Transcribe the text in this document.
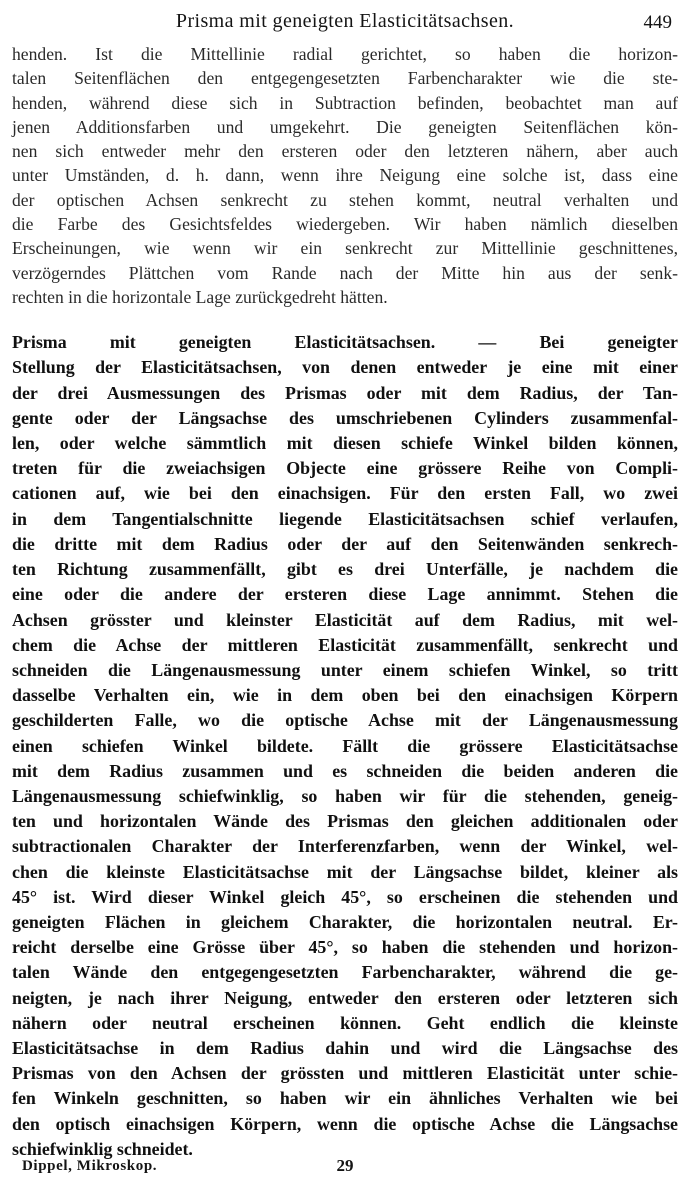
Prisma mit geneigten Elasticitätsachsen.	449

henden. Ist die Mittellinie radial gerichtet, so haben die horizon-
talen Seitenflächen den entgegengesetzten Farbencharakter wie die ste-
henden, während diese sich in Subtraction befinden, beobachtet man auf
jenen Additionsfarben und umgekehrt. Die geneigten Seitenflächen kön-
nen sich entweder mehr den ersteren oder den letzteren nähern, aber auch
unter Umständen, d. h. dann, wenn ihre Neigung eine solche ist, dass eine
der optischen Achsen senkrecht zu stehen kommt, neutral verhalten und
die Farbe des Gesichtsfeldes wiedergeben. Wir haben nämlich dieselben
Erscheinungen, wie wenn wir ein senkrecht zur Mittellinie geschnittenes,
verzögerndes Plättchen vom Rande nach der Mitte hin aus der senk-
rechten in die horizontale Lage zurückgedreht hätten.

Prisma mit geneigten Elasticitätsachsen. — Bei geneigter
Stellung der Elasticitätsachsen, von denen entweder je eine mit einer
der drei Ausmessungen des Prismas oder mit dem Radius, der Tan-
gente oder der Längsachse des umschriebenen Cylinders zusammenfal-
len, oder welche sämmtlich mit diesen schiefe Winkel bilden können,
treten für die zweiachsigen Objecte eine grössere Reihe von Compli-
cationen auf, wie bei den einachsigen. Für den ersten Fall, wo zwei
in dem Tangentialschnitte liegende Elasticitätsachsen schief verlaufen,
die dritte mit dem Radius oder der auf den Seitenwänden senkrech-
ten Richtung zusammenfällt, gibt es drei Unterfälle, je nachdem die
eine oder die andere der ersteren diese Lage annimmt. Stehen die
Achsen grösster und kleinster Elasticität auf dem Radius, mit wel-
chem die Achse der mittleren Elasticität zusammenfällt, senkrecht und
schneiden die Längenausmessung unter einem schiefen Winkel, so tritt
dasselbe Verhalten ein, wie in dem oben bei den einachsigen Körpern
geschilderten Falle, wo die optische Achse mit der Längenausmessung
einen schiefen Winkel bildete. Fällt die grössere Elasticitätsachse
mit dem Radius zusammen und es schneiden die beiden anderen die
Längenausmessung schiefwinklig, so haben wir für die stehenden, geneig-
ten und horizontalen Wände des Prismas den gleichen additionalen oder
subtractionalen Charakter der Interferenzfarben, wenn der Winkel, wel-
chen die kleinste Elasticitätsachse mit der Längsachse bildet, kleiner als
45° ist. Wird dieser Winkel gleich 45°, so erscheinen die stehenden und
geneigten Flächen in gleichem Charakter, die horizontalen neutral. Er-
reicht derselbe eine Grösse über 45°, so haben die stehenden und horizon-
talen Wände den entgegengesetzten Farbencharakter, während die ge-
neigten, je nach ihrer Neigung, entweder den ersteren oder letzteren sich
nähern oder neutral erscheinen können. Geht endlich die kleinste
Elasticitätsachse in dem Radius dahin und wird die Längsachse des
Prismas von den Achsen der grössten und mittleren Elasticität unter schie-
fen Winkeln geschnitten, so haben wir ein ähnliches Verhalten wie bei
den optisch einachsigen Körpern, wenn die optische Achse die Längsachse
schiefwinklig schneidet.

Dippel, Mikroskop.	29
